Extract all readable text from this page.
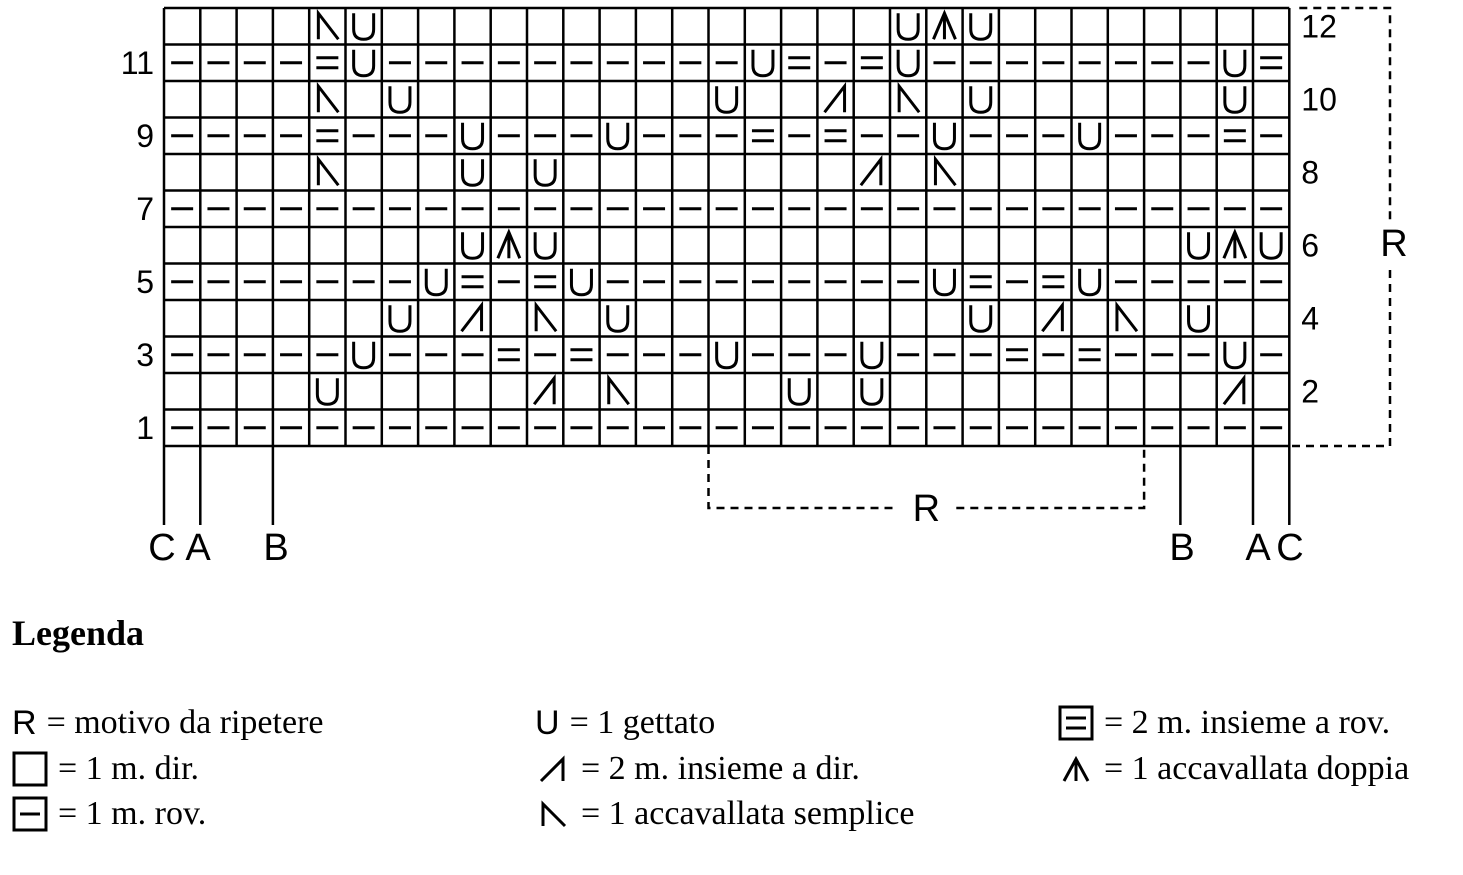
1
3
5
7
9
11
2
4
6
8
10
12
C A B	B A C
R
R
Legenda
R = motivo da ripetere
= 1 m. dir.
= 1 m. rov.
U = 1 gettato
= 2 m. insieme a dir.
= 1 accavallata semplice
= 2 m. insieme a rov.
= 1 accavallata doppia
